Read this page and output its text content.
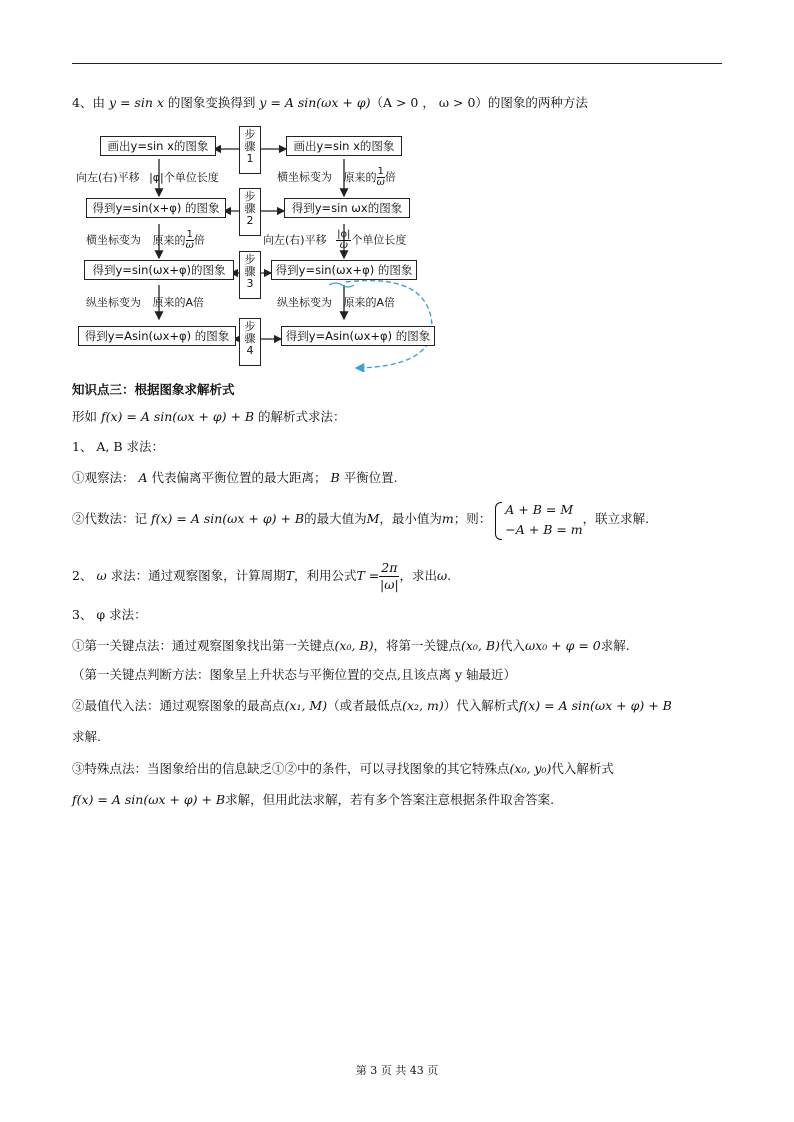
4、由 y = sin x 的图象变换得到 y = A sin(ωx + φ)（A > 0 ， ω > 0）的图象的两种方法
画出y=sin x的图象
得到y=sin(x+φ) 的图象
得到y=sin(ωx+φ)的图象
得到y=Asin(ωx+φ) 的图象
画出y=sin x的图象
得到y=sin ωx的图象
得到y=sin(ωx+φ) 的图象
得到y=Asin(ωx+φ) 的图象
步
骤
1
步
骤
2
步
骤
3
步
骤
4
向左(右)平移 |φ|个单位长度
横坐标变为 原来的 $\frac{1}{\omega}$ 倍
纵坐标变为 原来的A倍
横坐标变为 原来的 $\frac{1}{\omega}$ 倍
向左(右)平移 $\frac{|\varphi|}{\omega}$ 个单位长度
纵坐标变为 原来的A倍
知识点三：根据图象求解析式
形如 f(x) = A sin(ωx + φ) + B 的解析式求法：
1、 A, B 求法：
①观察法： A 代表偏离平衡位置的最大距离； B 平衡位置.
②代数法：记 f(x) = A sin(ωx + φ) + B的最大值为M，最小值为m；则：
A + B = M
−A + B = m
，联立求解.
2、 ω 求法：通过观察图象，计算周期T，利用公式$T = \frac{2\pi}{|\omega|}$，求出ω.
3、 φ 求法：
①第一关键点法：通过观察图象找出第一关键点(x₀, B)，将第一关键点(x₀, B)代入ωx₀ + φ = 0求解.
（第一关键点判断方法：图象呈上升状态与平衡位置的交点,且该点离 y 轴最近）
②最值代入法：通过观察图象的最高点(x₁, M)（或者最低点(x₂, m)）代入解析式f(x) = A sin(ωx + φ) + B
求解.
③特殊点法：当图象给出的信息缺乏①②中的条件，可以寻找图象的其它特殊点(x₀, y₀)代入解析式
f(x) = A sin(ωx + φ) + B求解，但用此法求解，若有多个答案注意根据条件取舍答案.
第 3 页 共 43 页
